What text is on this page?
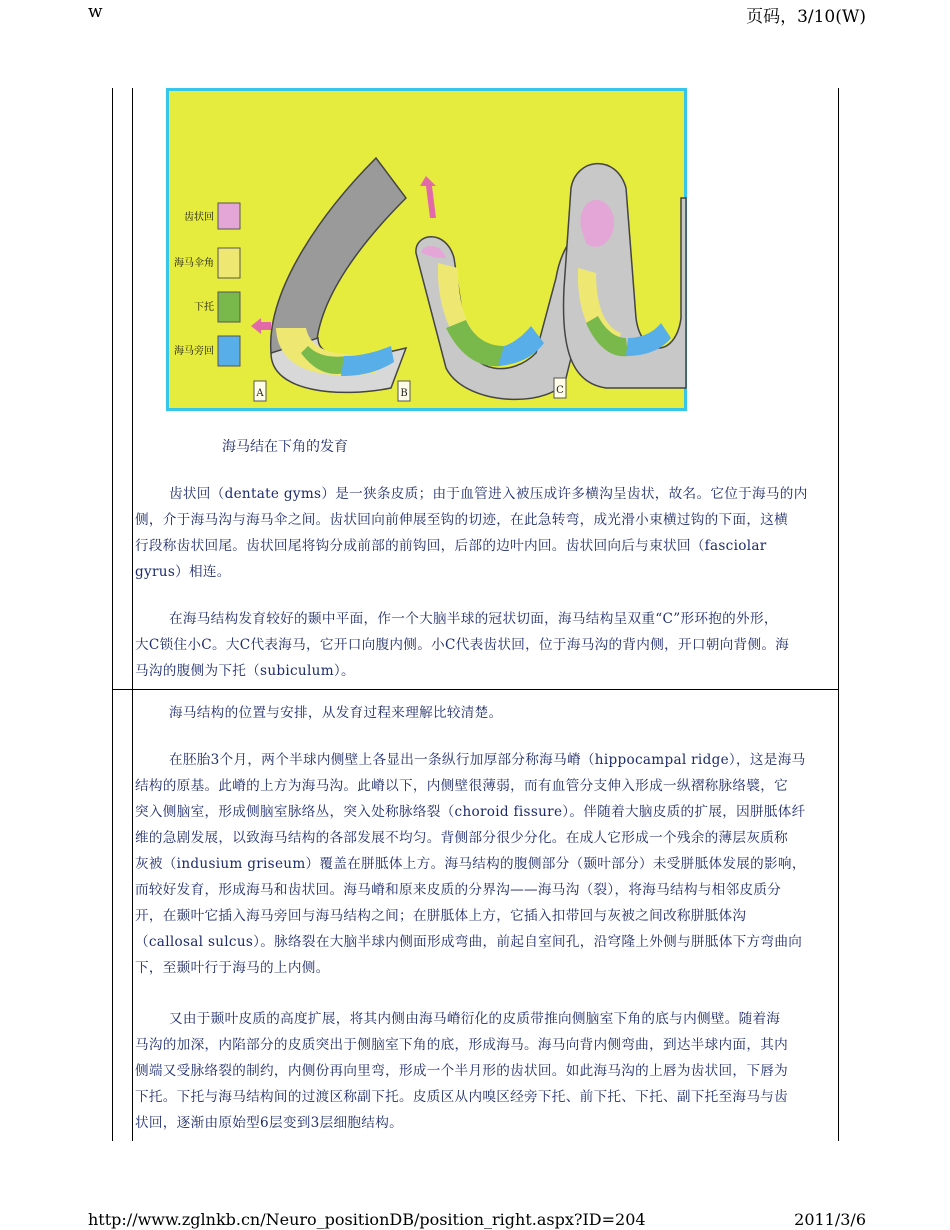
w	页码，3/10(W)
齿状回
海马伞角
下托
海马旁回
A	B	C
海马结在下角的发育

齿状回（dentate gyms）是一狭条皮质；由于血管进入被压成许多横沟呈齿状，故名。它位于海马的内
侧，介于海马沟与海马伞之间。齿状回向前伸展至钩的切迹，在此急转弯，成光滑小束横过钩的下面，这横
行段称齿状回尾。齿状回尾将钩分成前部的前钩回，后部的边叶内回。齿状回向后与束状回（fasciolar
gyrus）相连。

在海马结构发育较好的颞中平面，作一个大脑半球的冠状切面，海马结构呈双重“C”形环抱的外形，
大C锁住小C。大C代表海马，它开口向腹内侧。小C代表齿状回，位于海马沟的背内侧，开口朝向背侧。海
马沟的腹侧为下托（subiculum）。

海马结构的位置与安排，从发育过程来理解比较清楚。

在胚胎3个月，两个半球内侧壁上各显出一条纵行加厚部分称海马嵴（hippocampal ridge），这是海马
结构的原基。此嵴的上方为海马沟。此嵴以下，内侧壁很薄弱，而有血管分支伸入形成一纵褶称脉络襞，它
突入侧脑室，形成侧脑室脉络丛，突入处称脉络裂（choroid fissure）。伴随着大脑皮质的扩展，因胼胝体纤
维的急剧发展，以致海马结构的各部发展不均匀。背侧部分很少分化。在成人它形成一个残余的薄层灰质称
灰被（indusium griseum）覆盖在胼胝体上方。海马结构的腹侧部分（颞叶部分）未受胼胝体发展的影响，
而较好发育，形成海马和齿状回。海马嵴和原来皮质的分界沟——海马沟（裂），将海马结构与相邻皮质分
开，在颞叶它插入海马旁回与海马结构之间；在胼胝体上方，它插入扣带回与灰被之间改称胼胝体沟
（callosal sulcus）。脉络裂在大脑半球内侧面形成弯曲，前起自室间孔，沿穹隆上外侧与胼胝体下方弯曲向
下，至颞叶行于海马的上内侧。

又由于颞叶皮质的高度扩展，将其内侧由海马嵴衍化的皮质带推向侧脑室下角的底与内侧壁。随着海
马沟的加深，内陷部分的皮质突出于侧脑室下角的底，形成海马。海马向背内侧弯曲，到达半球内面，其内
侧端又受脉络裂的制约，内侧份再向里弯，形成一个半月形的齿状回。如此海马沟的上唇为齿状回，下唇为
下托。下托与海马结构间的过渡区称副下托。皮质区从内嗅区经旁下托、前下托、下托、副下托至海马与齿
状回，逐渐由原始型6层变到3层细胞结构。

http://www.zglnkb.cn/Neuro_positionDB/position_right.aspx?ID=204	2011/3/6
